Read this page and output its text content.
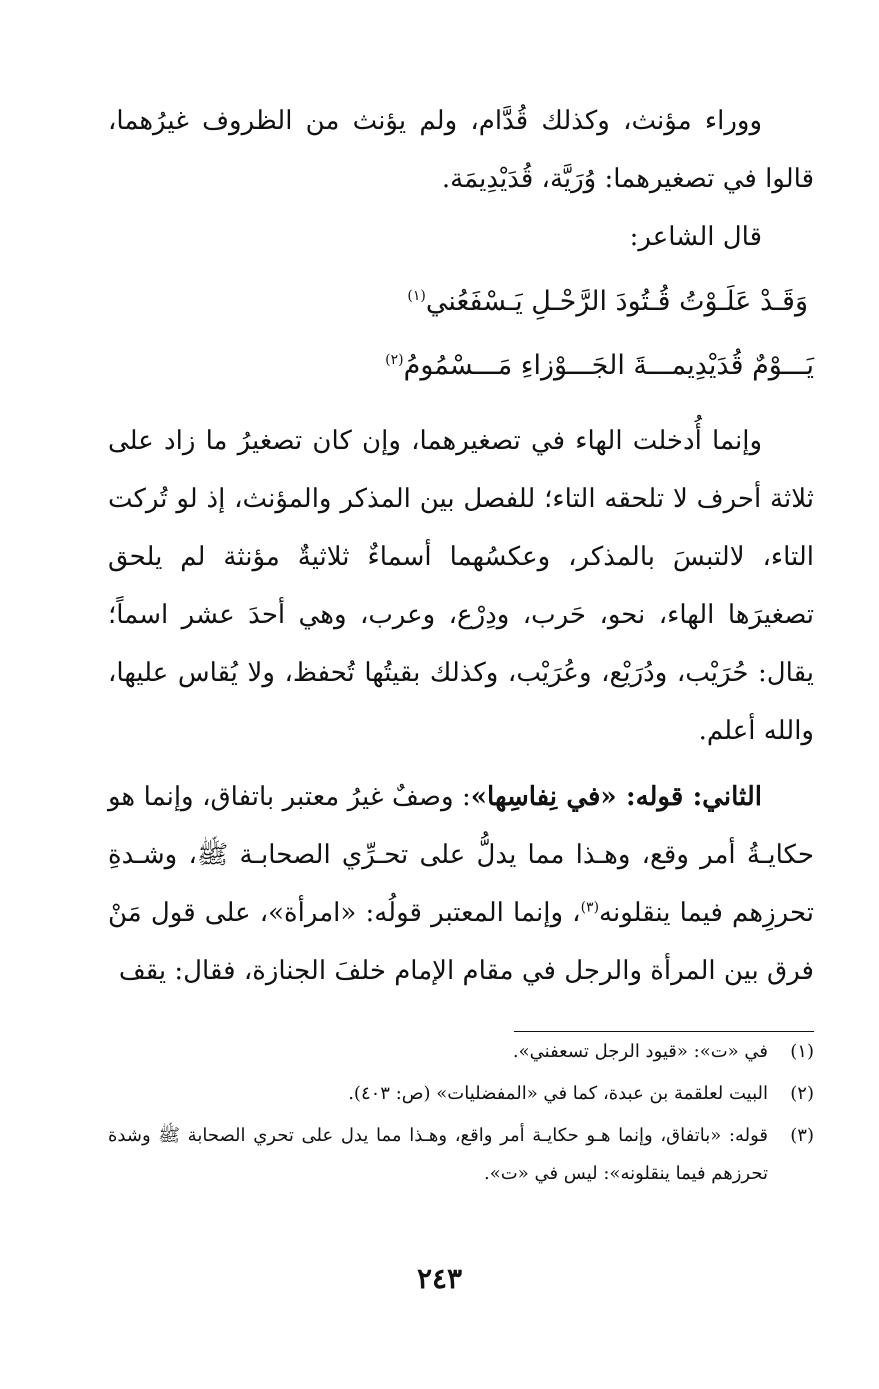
ووراء مؤنث، وكذلك قُدَّام، ولم يؤنث من الظروف غيرُهما، قالوا في تصغيرهما: وُرَيَّة، قُدَيْدِيمَة.

قال الشاعر:

وَقَـدْ عَلَـوْتُ قُـتُودَ الرَّحْـلِ يَـسْفَعُني$^{(١)}$

يَـــوْمٌ قُدَيْدِيمـــةَ الجَـــوْزاءِ مَـــسْمُومُ$^{(٢)}$

وإنما أُدخلت الهاء في تصغيرهما، وإن كان تصغيرُ ما زاد على ثلاثة أحرف لا تلحقه التاء؛ للفصل بين المذكر والمؤنث، إذ لو تُركت التاء، لالتبسَ بالمذكر، وعكسُهما أسماءٌ ثلاثيةٌ مؤنثة لم يلحق تصغيرَها الهاء، نحو، حَرب، ودِرْع، وعرب، وهي أحدَ عشر اسماً؛ يقال: حُرَيْب، ودُرَيْع، وعُرَيْب، وكذلك بقيتُها تُحفظ، ولا يُقاس عليها، والله أعلم.

الثاني: قوله: «في نِفاسِها»: وصفٌ غيرُ معتبر باتفاق، وإنما هو حكايـةُ أمر وقع، وهـذا مما يدلُّ على تحـرِّي الصحابـة ﷺ، وشـدةِ تحرزِهم فيما ينقلونه$^{(٣)}$، وإنما المعتبر قولُه: «امرأة»، على قول مَنْ فرق بين المرأة والرجل في مقام الإمام خلفَ الجنازة، فقال: يقف

(١)
في «ت»: «قيود الرجل تسعفني».
(٢)
البيت لعلقمة بن عبدة، كما في «المفضليات» (ص: ٤٠٣).
(٣)
قوله: «باتفاق، وإنما هـو حكايـة أمر واقع، وهـذا مما يدل على تحري الصحابة ﷺ وشدة تحرزهم فيما ينقلونه»: ليس في «ت».
٢٤٣
